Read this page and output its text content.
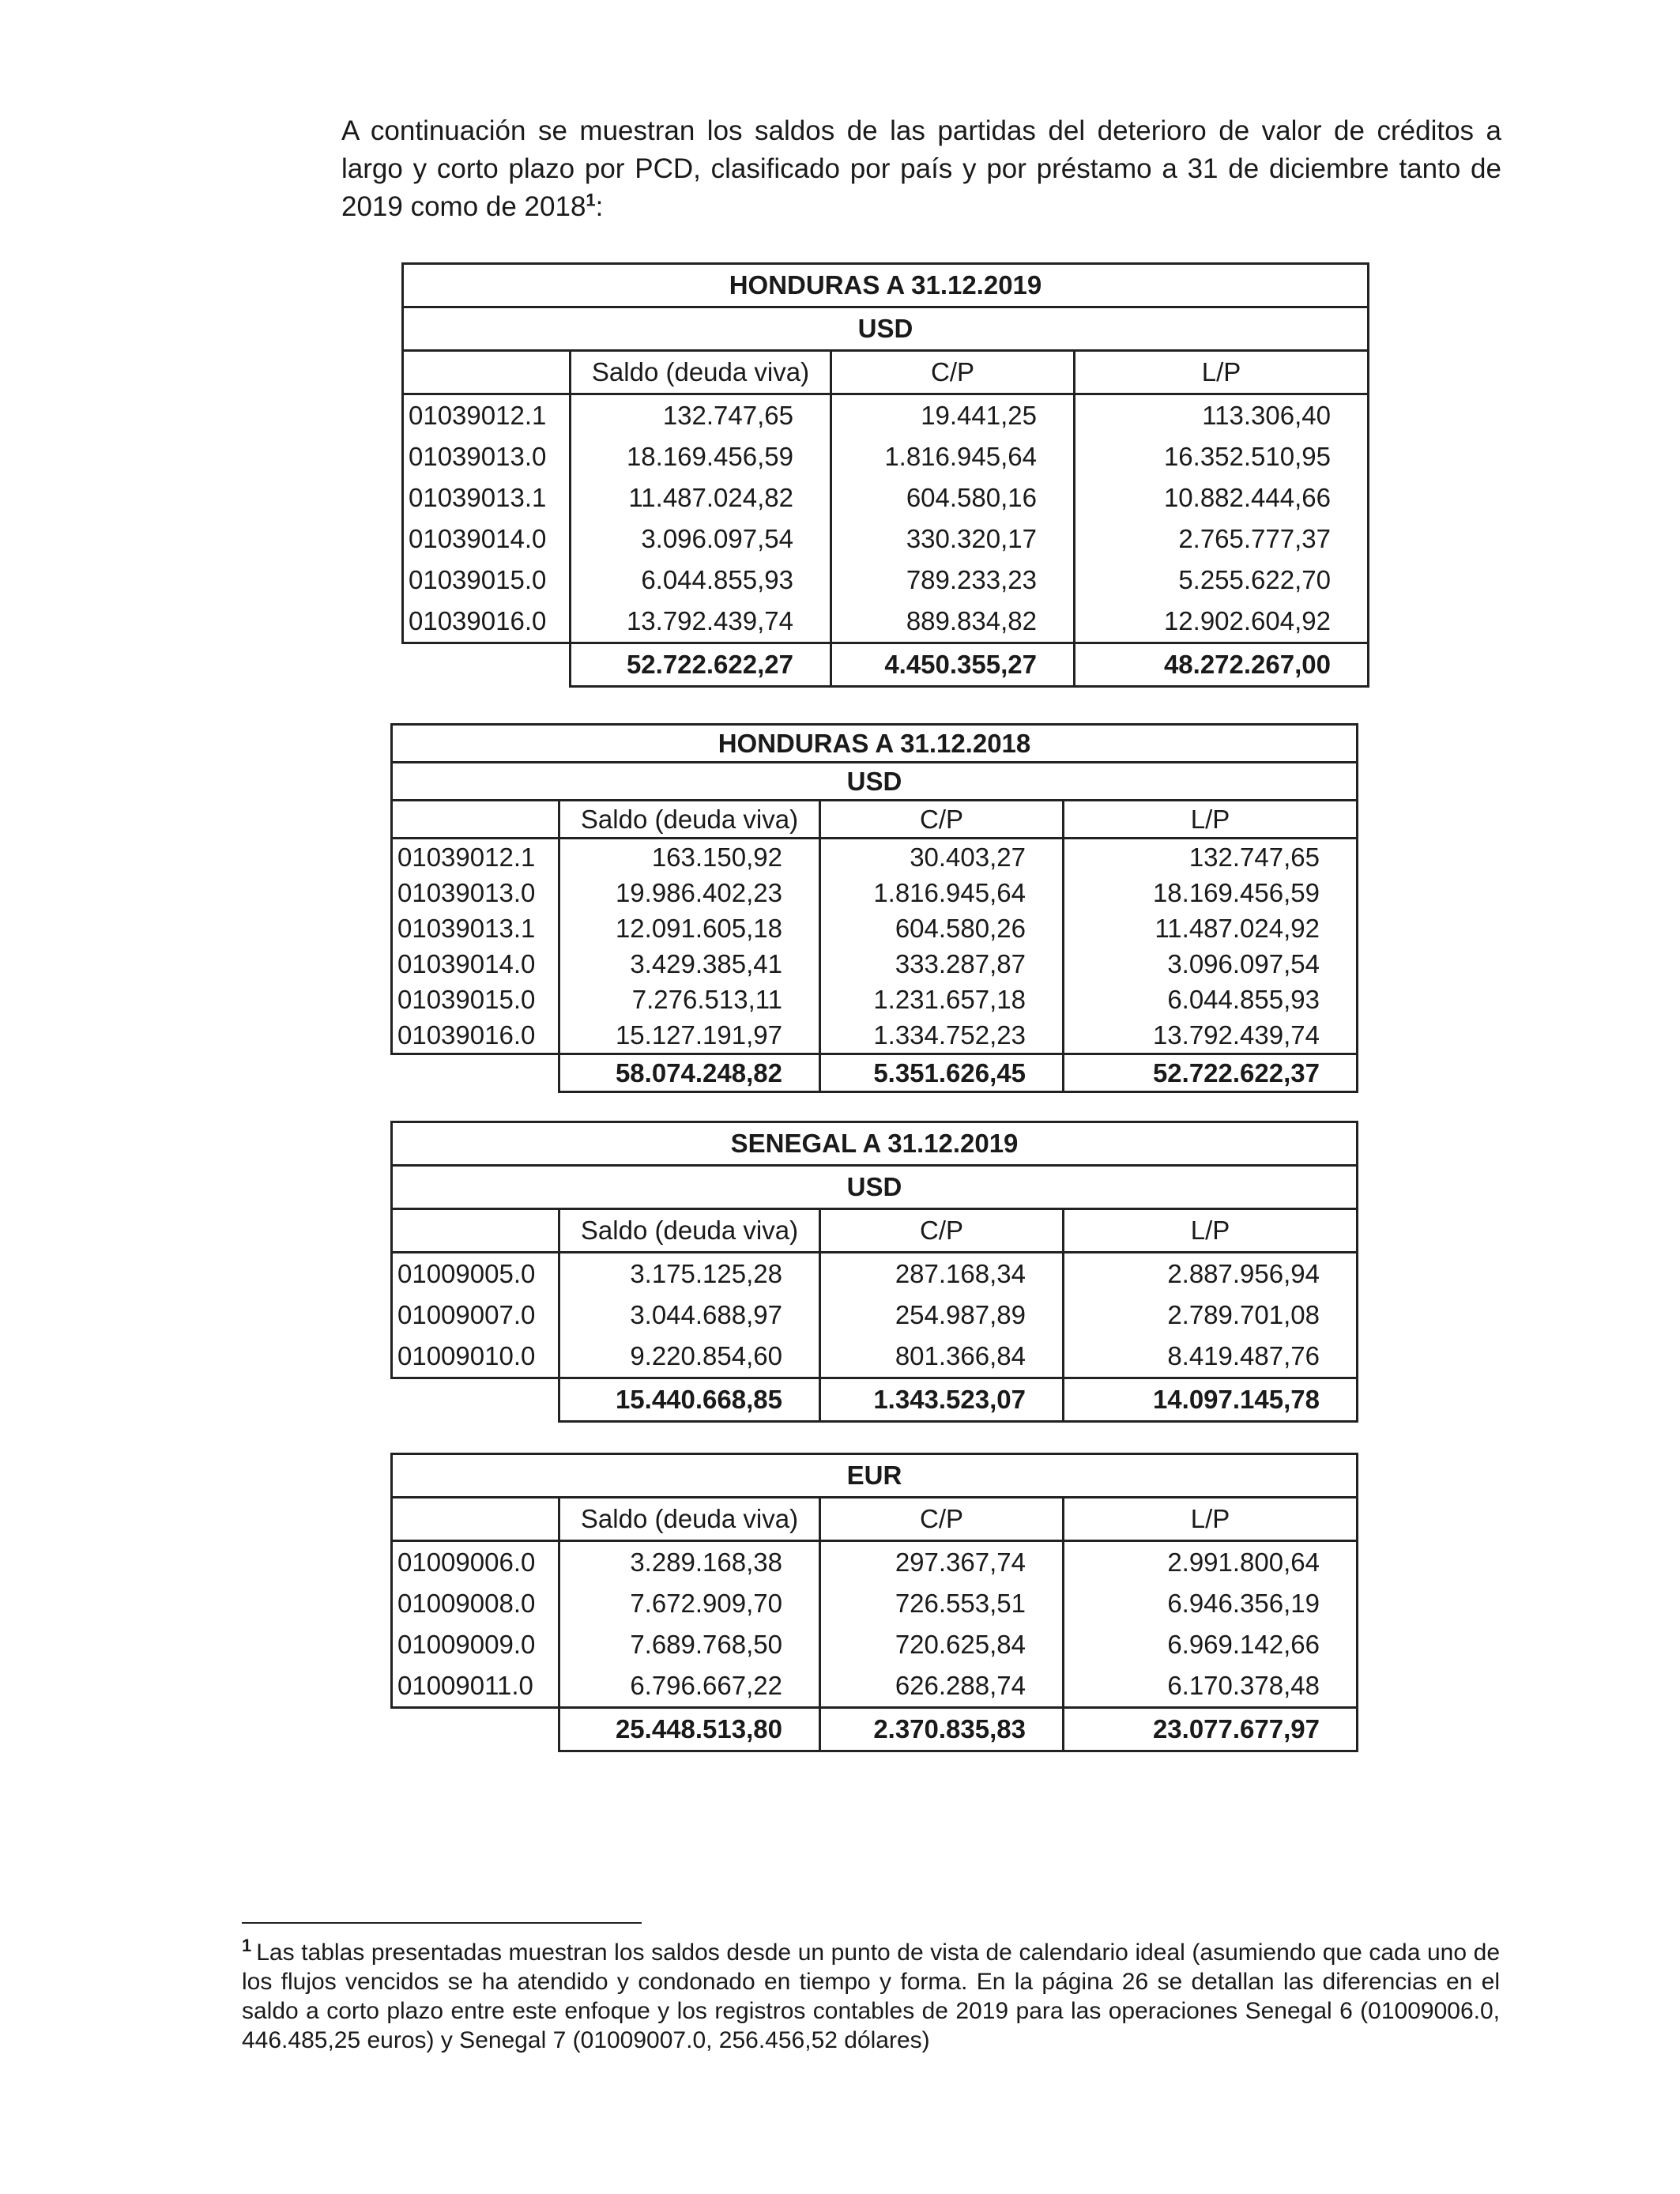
A continuación se muestran los saldos de las partidas del deterioro de valor de créditos a largo y corto plazo por PCD, clasificado por país y por préstamo a 31 de diciembre tanto de 2019 como de 2018$^1$:

HONDURAS A 31.12.2019			
USD			
	Saldo (deuda viva)	C/P	L/P
01039012.1	132.747,65	19.441,25	113.306,40
01039013.0	18.169.456,59	1.816.945,64	16.352.510,95
01039013.1	11.487.024,82	604.580,16	10.882.444,66
01039014.0	3.096.097,54	330.320,17	2.765.777,37
01039015.0	6.044.855,93	789.233,23	5.255.622,70
01039016.0	13.792.439,74	889.834,82	12.902.604,92
	52.722.622,27	4.450.355,27	48.272.267,00
HONDURAS A 31.12.2018			
USD			
	Saldo (deuda viva)	C/P	L/P
01039012.1	163.150,92	30.403,27	132.747,65
01039013.0	19.986.402,23	1.816.945,64	18.169.456,59
01039013.1	12.091.605,18	604.580,26	11.487.024,92
01039014.0	3.429.385,41	333.287,87	3.096.097,54
01039015.0	7.276.513,11	1.231.657,18	6.044.855,93
01039016.0	15.127.191,97	1.334.752,23	13.792.439,74
	58.074.248,82	5.351.626,45	52.722.622,37
SENEGAL A 31.12.2019			
USD			
	Saldo (deuda viva)	C/P	L/P
01009005.0	3.175.125,28	287.168,34	2.887.956,94
01009007.0	3.044.688,97	254.987,89	2.789.701,08
01009010.0	9.220.854,60	801.366,84	8.419.487,76
	15.440.668,85	1.343.523,07	14.097.145,78
EUR			
	Saldo (deuda viva)	C/P	L/P
01009006.0	3.289.168,38	297.367,74	2.991.800,64
01009008.0	7.672.909,70	726.553,51	6.946.356,19
01009009.0	7.689.768,50	720.625,84	6.969.142,66
01009011.0	6.796.667,22	626.288,74	6.170.378,48
	25.448.513,80	2.370.835,83	23.077.677,97

$^1$ Las tablas presentadas muestran los saldos desde un punto de vista de calendario ideal (asumiendo que cada uno de los flujos vencidos se ha atendido y condonado en tiempo y forma. En la página 26 se detallan las diferencias en el saldo a corto plazo entre este enfoque y los registros contables de 2019 para las operaciones Senegal 6 (01009006.0, 446.485,25 euros) y Senegal 7 (01009007.0, 256.456,52 dólares)
